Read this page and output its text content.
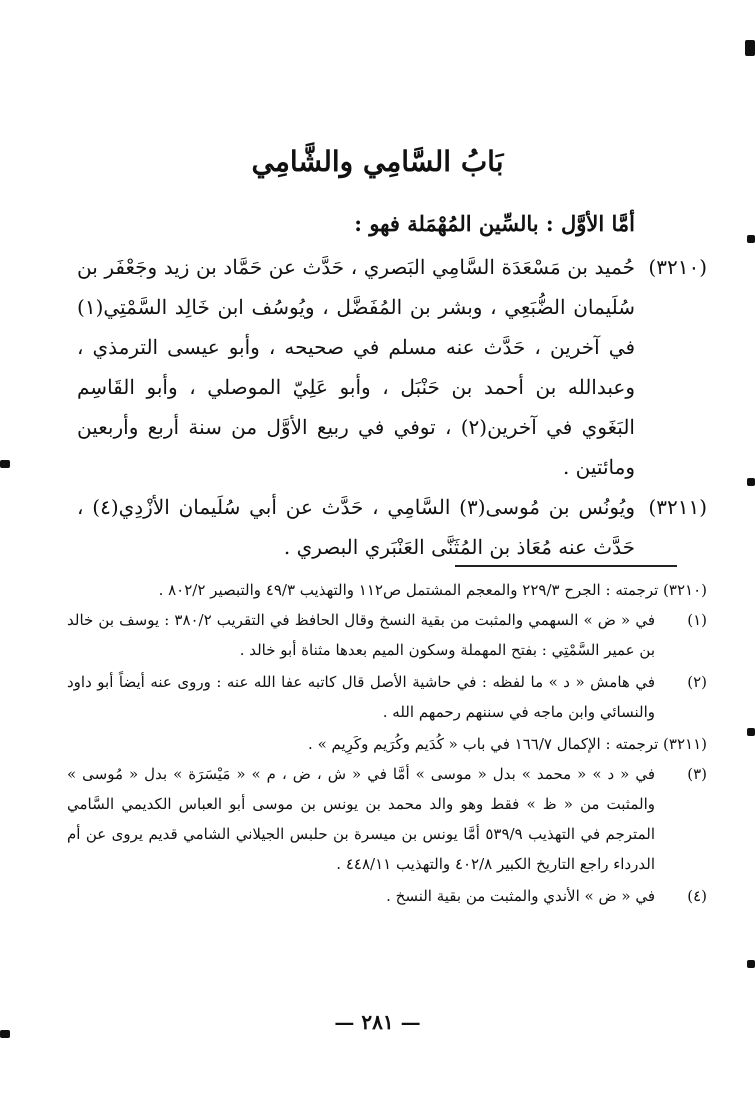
بَابُ السَّامِي والشَّامِي
أمَّا الأوَّل : بالسِّين المُهْمَلة فهو :
(٣٢١٠)
حُميد بن مَسْعَدَة السَّامِي البَصري ، حَدَّث عن حَمَّاد بن زيد وجَعْفَر بن سُلَيمان الضُّبَعِي ، وبشر بن المُفَضَّل ، ويُوسُف ابن خَالِد السَّمْتِي(١) في آخرين ، حَدَّث عنه مسلم في صحيحه ، وأبو عيسى الترمذي ، وعبدالله بن أحمد بن حَنْبَل ، وأبو عَلِيّ الموصلي ، وأبو القَاسِم البَغَوي في آخرين(٢) ، توفي في ربيع الأوَّل من سنة أربع وأربعين ومائتين .
(٣٢١١)
ويُونُس بن مُوسى(٣) السَّامِي ، حَدَّث عن أبي سُلَيمان الأزْدِي(٤) ، حَدَّث عنه مُعَاذ بن المُثَنَّى العَنْبَري البصري .
(٣٢١٠) ترجمته : الجرح ٢٢٩/٣ والمعجم المشتمل ص١١٢ والتهذيب ٤٩/٣ والتبصير ٨٠٢/٢ .
(١)
في « ض » السهمي والمثبت من بقية النسخ وقال الحافظ في التقريب ٣٨٠/٢ : يوسف بن خالد بن عمير السَّمْتِي : بفتح المهملة وسكون الميم بعدها مثناة أبو خالد .
(٢)
في هامش « د » ما لفظه : في حاشية الأصل قال كاتبه عفا الله عنه : وروى عنه أيضاً أبو داود والنسائي وابن ماجه في سننهم رحمهم الله .
(٣٢١١) ترجمته : الإكمال ١٦٦/٧ في باب « كُدَيم وكُرَيم وكَرِيم » .
(٣)
في « د » « محمد » بدل « موسى » أمَّا في « ش ، ض ، م » « مَيْسَرَة » بدل « مُوسى » والمثبت من « ظ » فقط وهو والد محمد بن يونس بن موسى أبو العباس الكديمي السَّامي المترجم في التهذيب ٥٣٩/٩ أمَّا يونس بن ميسرة بن حلبس الجيلاني الشامي قديم يروى عن أم الدرداء راجع التاريخ الكبير ٤٠٢/٨ والتهذيب ٤٤٨/١١ .
(٤)
في « ض » الأندي والمثبت من بقية النسخ .
— ٢٨١ —
